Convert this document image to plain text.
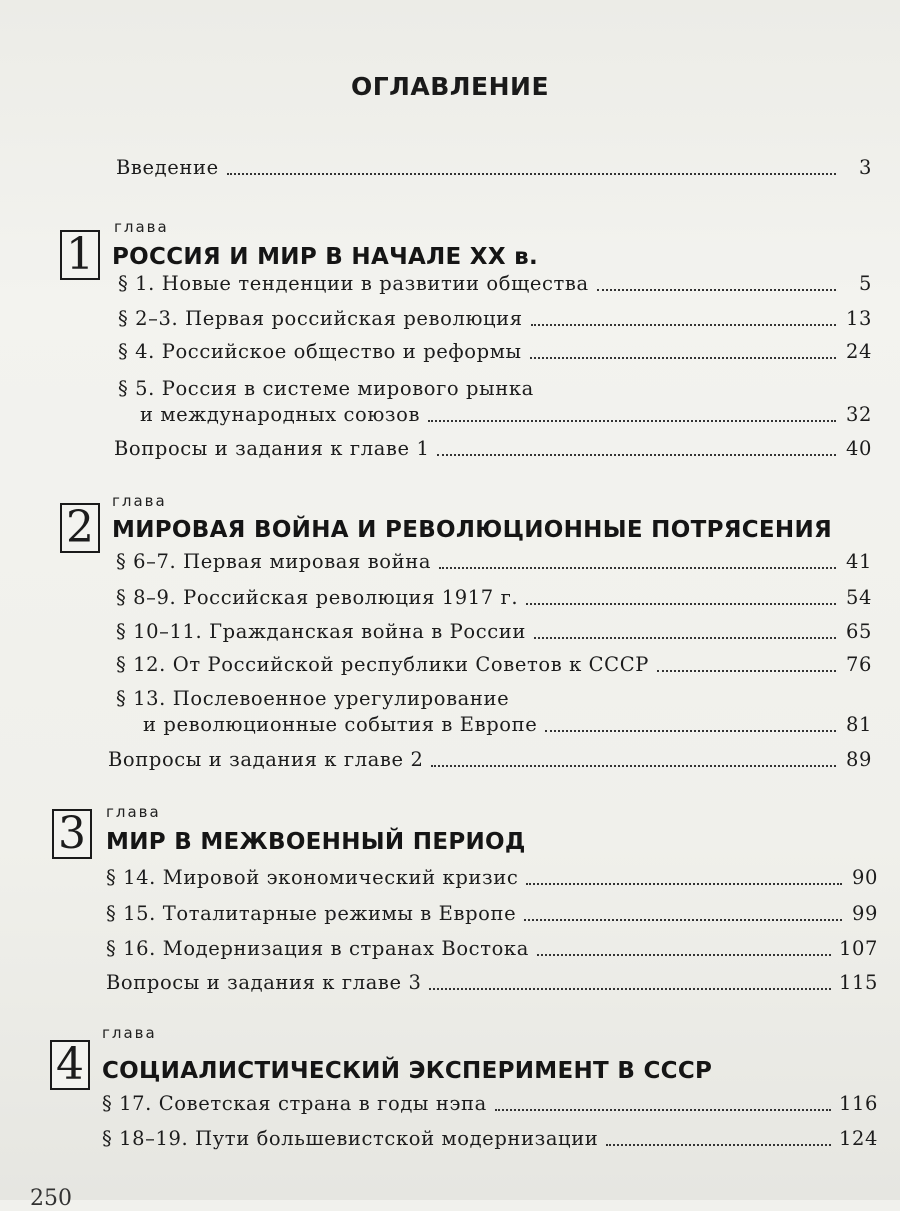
ОГЛАВЛЕНИЕ
Введение	3
1
глава
РОССИЯ И МИР В НАЧАЛЕ XX в.
§ 1. Новые тенденции в развитии общества	5
§ 2–3. Первая российская революция	13
§ 4. Российское общество и реформы	24
§ 5. Россия в системе мирового рынка
и международных союзов	32
Вопросы и задания к главе 1	40
2
глава
МИРОВАЯ ВОЙНА И РЕВОЛЮЦИОННЫЕ ПОТРЯСЕНИЯ
§ 6–7. Первая мировая война	41
§ 8–9. Российская революция 1917 г.	54
§ 10–11. Гражданская война в России	65
§ 12. От Российской республики Советов к СССР	76
§ 13. Послевоенное урегулирование
и революционные события в Европе	81
Вопросы и задания к главе 2	89
3	глава
МИР В МЕЖВОЕННЫЙ ПЕРИОД
§ 14. Мировой экономический кризис	90
§ 15. Тоталитарные режимы в Европе	99
§ 16. Модернизация в странах Востока	107
Вопросы и задания к главе 3	115
4
глава
СОЦИАЛИСТИЧЕСКИЙ ЭКСПЕРИМЕНТ В СССР
§ 17. Советская страна в годы нэпа	116
§ 18–19. Пути большевистской модернизации	124
250
